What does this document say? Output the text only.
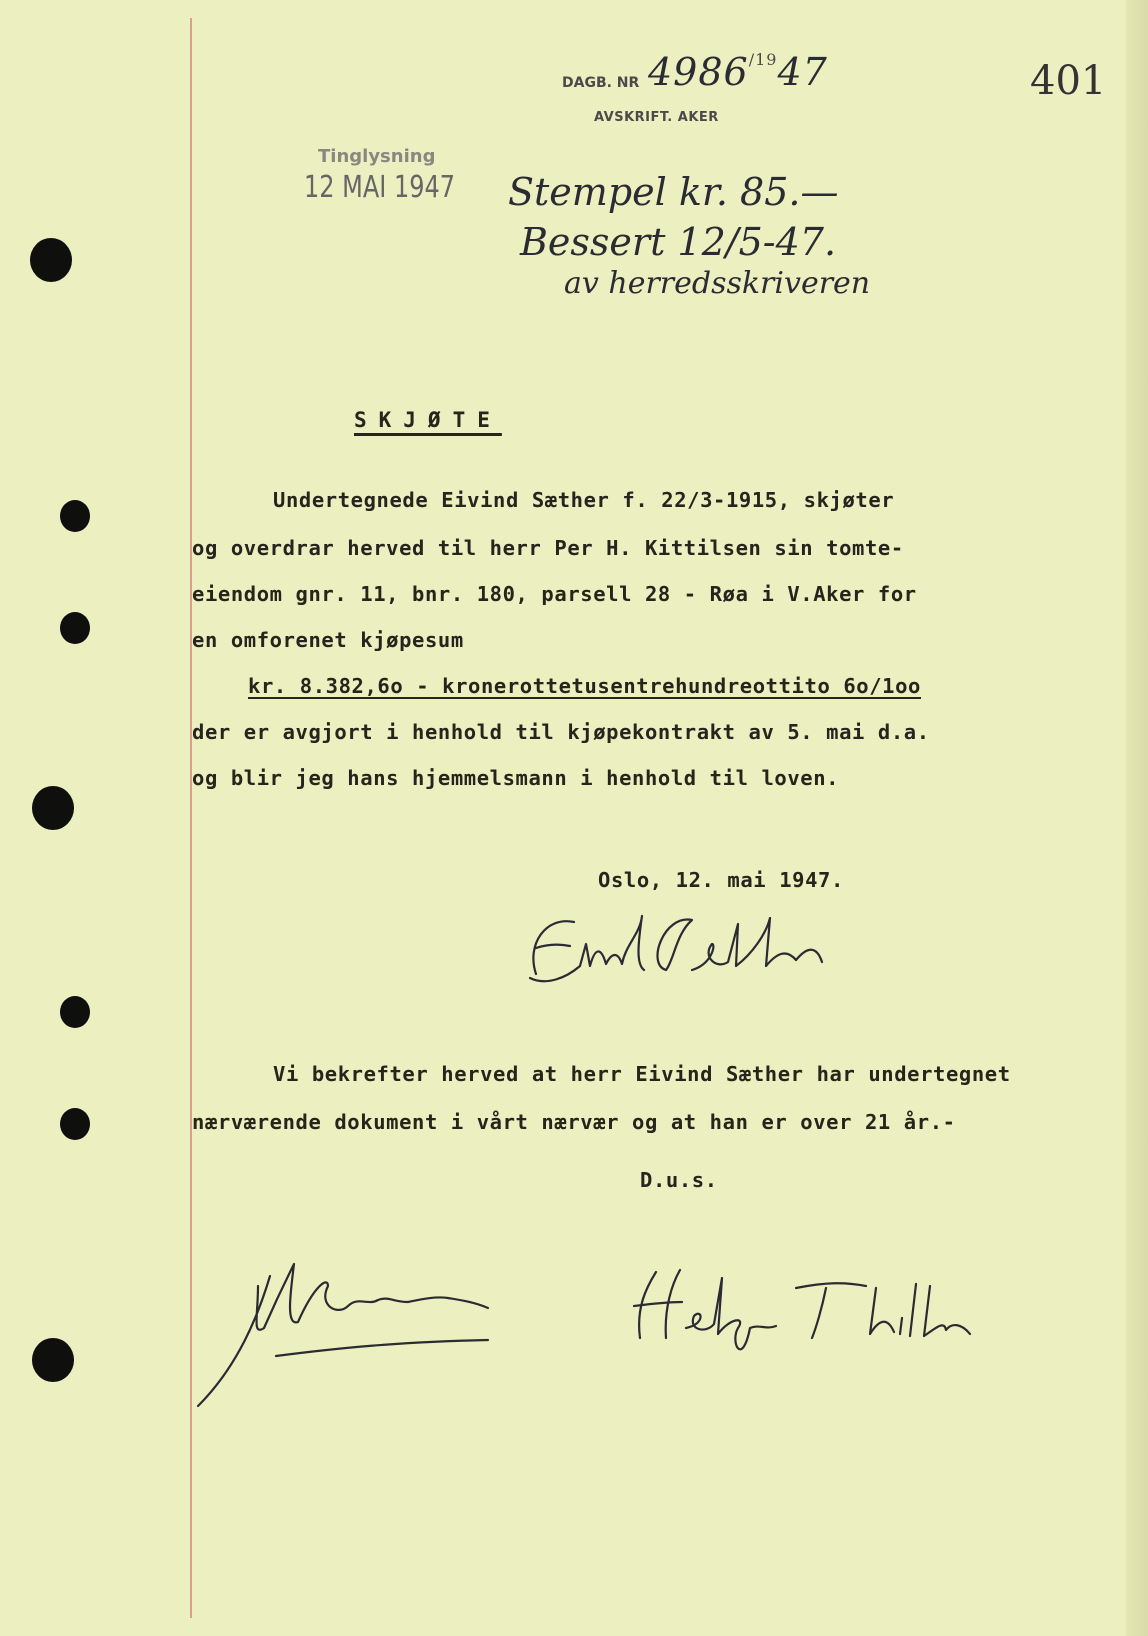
DAGB. NR $4986^{/19}47$
AVSKRIFT. AKER
401
Tinglysning
12 MAI 1947 Stempel kr. 85.—
Bessert 12/5-47.
av herredsskriveren
SKJØTE
Undertegnede Eivind Sæther f. 22/3-1915, skjøter
og overdrar herved til herr Per H. Kittilsen sin tomte-
eiendom gnr. 11, bnr. 180, parsell 28 - Røa i V.Aker for
en omforenet kjøpesum
kr. 8.382,6o - kronerottetusentrehundreottito 6o/1oo
der er avgjort i henhold til kjøpekontrakt av 5. mai d.a.
og blir jeg hans hjemmelsmann i henhold til loven.
Oslo, 12. mai 1947.
Vi bekrefter herved at herr Eivind Sæther har undertegnet
nærværende dokument i vårt nærvær og at han er over 21 år.-
D.u.s.
